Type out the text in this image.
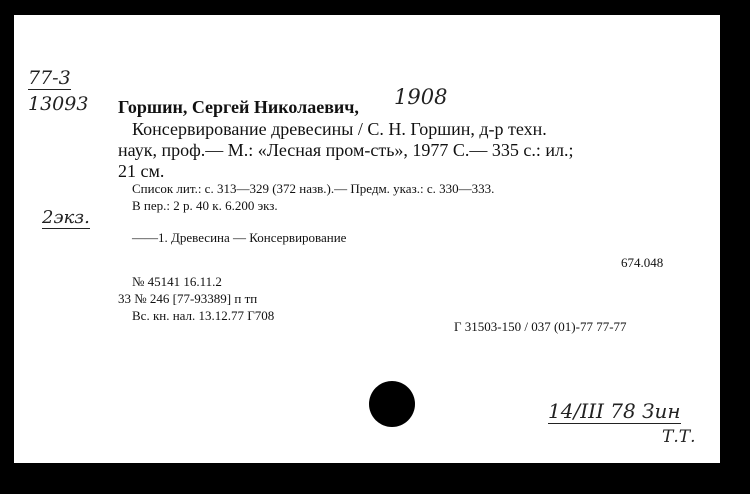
77-3
13093 Горшин, Сергей Николаевич, 1908
Консервирование древесины / С. Н. Горшин, д-р техн.
наук, проф.— М.: «Лесная пром-сть», 1977 С.— 335 с.: ил.;
21 см.
Список лит.: с. 313—329 (372 назв.).— Предм. указ.: с. 330—333.
В пер.: 2 р. 40 к. 6.200 экз.
2экз.
——1. Древесина — Консервирование
674.048
№ 45141 16.11.2
33 № 246 [77-93389] п тп
Вс. кн. нал. 13.12.77 Г708
Г 31503-150 / 037 (01)-77 77-77
14/III 78 Зин
Т.Т.
